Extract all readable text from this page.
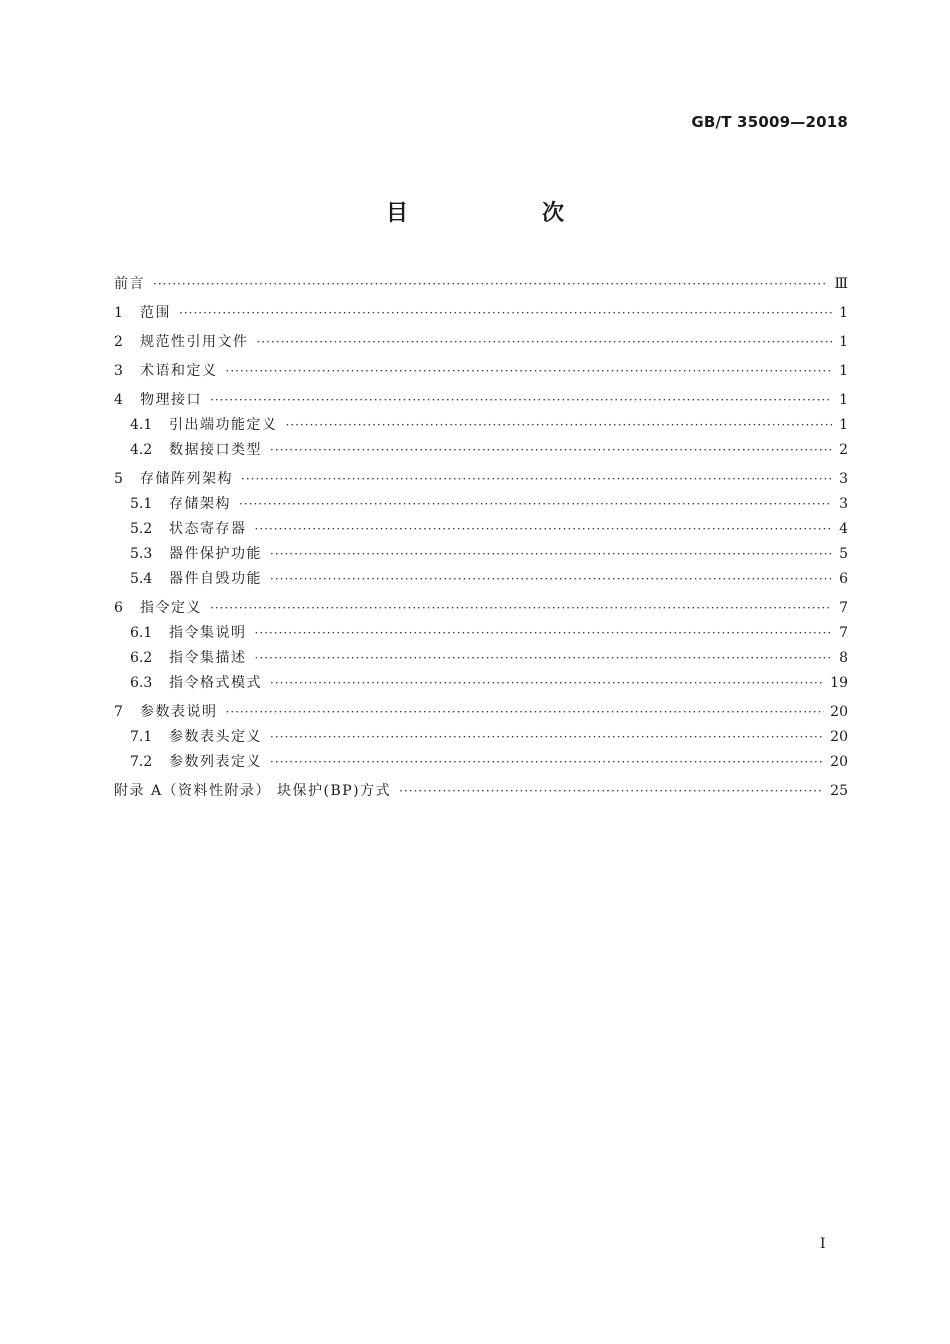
GB/T 35009—2018
目　次
前言 ·····	Ⅲ
1	范围 ·····	1
2	规范性引用文件 ·····	1
3	术语和定义 ·····	1
4	物理接口 ·····	1
4.1	引出端功能定义 ·····	1
4.2	数据接口类型 ·····	2
5	存储阵列架构 ·····	3
5.1	存储架构 ·····	3
5.2	状态寄存器 ·····	4
5.3	器件保护功能 ·····	5
5.4	器件自毁功能 ·····	6
6	指令定义 ·····	7
6.1	指令集说明 ·····	7
6.2	指令集描述 ·····	8
6.3	指令格式模式 ·····	19
7	参数表说明 ·····	20
7.1	参数表头定义 ·····	20
7.2	参数列表定义 ·····	20
附录 A（资料性附录） 块保护(BP)方式 ·····	25
Ⅰ
